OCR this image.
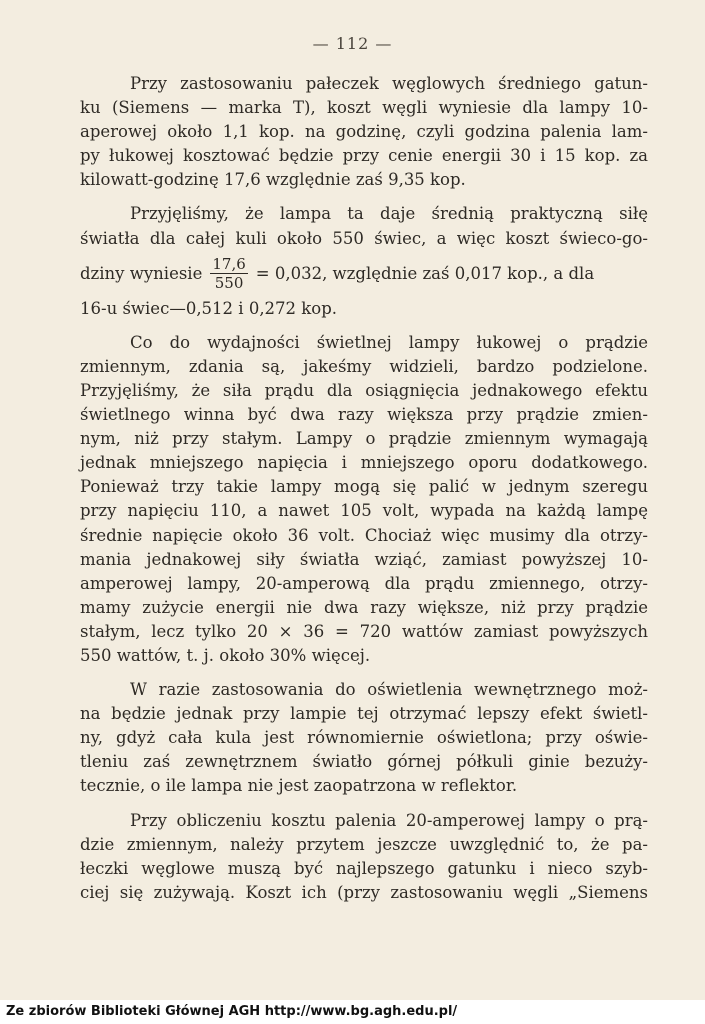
— 112 —
Przy zastosowaniu pałeczek węglowych średniego gatun-
ku (Siemens — marka T), koszt węgli wyniesie dla lampy 10-
aperowej około 1,1 kop. na godzinę, czyli godzina palenia lam-
py łukowej kosztować będzie przy cenie energii 30 i 15 kop. za
kilowatt-godzinę 17,6 względnie zaś 9,35 kop.
Przyjęliśmy, że lampa ta daje średnią praktyczną siłę
światła dla całej kuli około 550 świec, a więc koszt świeco-go-
dziny wyniesie $\frac{17,6}{550} = 0,032$, względnie zaś 0,017 kop., a dla
16-u świec—0,512 i 0,272 kop.
Co do wydajności świetlnej lampy łukowej o prądzie
zmiennym, zdania są, jakeśmy widzieli, bardzo podzielone.
Przyjęliśmy, że siła prądu dla osiągnięcia jednakowego efektu
świetlnego winna być dwa razy większa przy prądzie zmien-
nym, niż przy stałym. Lampy o prądzie zmiennym wymagają
jednak mniejszego napięcia i mniejszego oporu dodatkowego.
Ponieważ trzy takie lampy mogą się palić w jednym szeregu
przy napięciu 110, a nawet 105 volt, wypada na każdą lampę
średnie napięcie około 36 volt. Chociaż więc musimy dla otrzy-
mania jednakowej siły światła wziąć, zamiast powyższej 10-
amperowej lampy, 20-amperową dla prądu zmiennego, otrzy-
mamy zużycie energii nie dwa razy większe, niż przy prądzie
stałym, lecz tylko 20 × 36 = 720 wattów zamiast powyższych
550 wattów, t. j. około 30% więcej.
W razie zastosowania do oświetlenia wewnętrznego moż-
na będzie jednak przy lampie tej otrzymać lepszy efekt świetl-
ny, gdyż cała kula jest równomiernie oświetlona; przy oświe-
tleniu zaś zewnętrznem światło górnej półkuli ginie bezuży-
tecznie, o ile lampa nie jest zaopatrzona w reflektor.
Przy obliczeniu kosztu palenia 20-amperowej lampy o prą-
dzie zmiennym, należy przytem jeszcze uwzględnić to, że pa-
łeczki węglowe muszą być najlepszego gatunku i nieco szyb-
ciej się zużywają. Koszt ich (przy zastosowaniu węgli „Siemens
Ze zbiorów Biblioteki Głównej AGH http://www.bg.agh.edu.pl/
